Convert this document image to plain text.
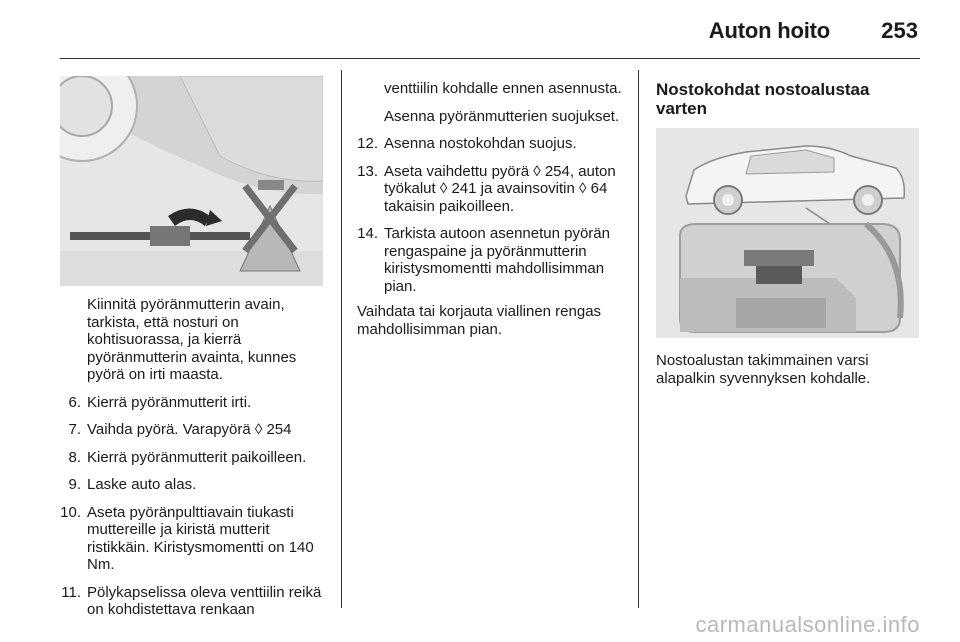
Auton hoito 253

Kiinnitä pyöränmutterin avain, tarkista, että nosturi on kohtisuorassa, ja kierrä pyöränmutterin avainta, kunnes pyörä on irti maasta.

6. Kierrä pyöränmutterit irti.
7. Vaihda pyörä. Varapyörä ◊ 254
8. Kierrä pyöränmutterit paikoilleen.
9. Laske auto alas.
10. Aseta pyöränpulttiavain tiukasti muttereille ja kiristä mutterit ristikkäin. Kiristysmomentti on 140 Nm.
11. Pölykapselissa oleva venttiilin reikä on kohdistettava renkaan

venttiilin kohdalle ennen asennusta.

Asenna pyöränmutterien suojukset.

12. Asenna nostokohdan suojus.
13. Aseta vaihdettu pyörä ◊ 254, auton työkalut ◊ 241 ja avainsovitin ◊ 64 takaisin paikoilleen.
14. Tarkista autoon asennetun pyörän rengaspaine ja pyöränmutterin kiristysmomentti mahdollisimman pian.

Vaihdata tai korjauta viallinen rengas mahdollisimman pian.

Nostokohdat nostoalustaa varten

Nostoalustan takimmainen varsi alapalkin syvennyksen kohdalle.

carmanualsonline.info
